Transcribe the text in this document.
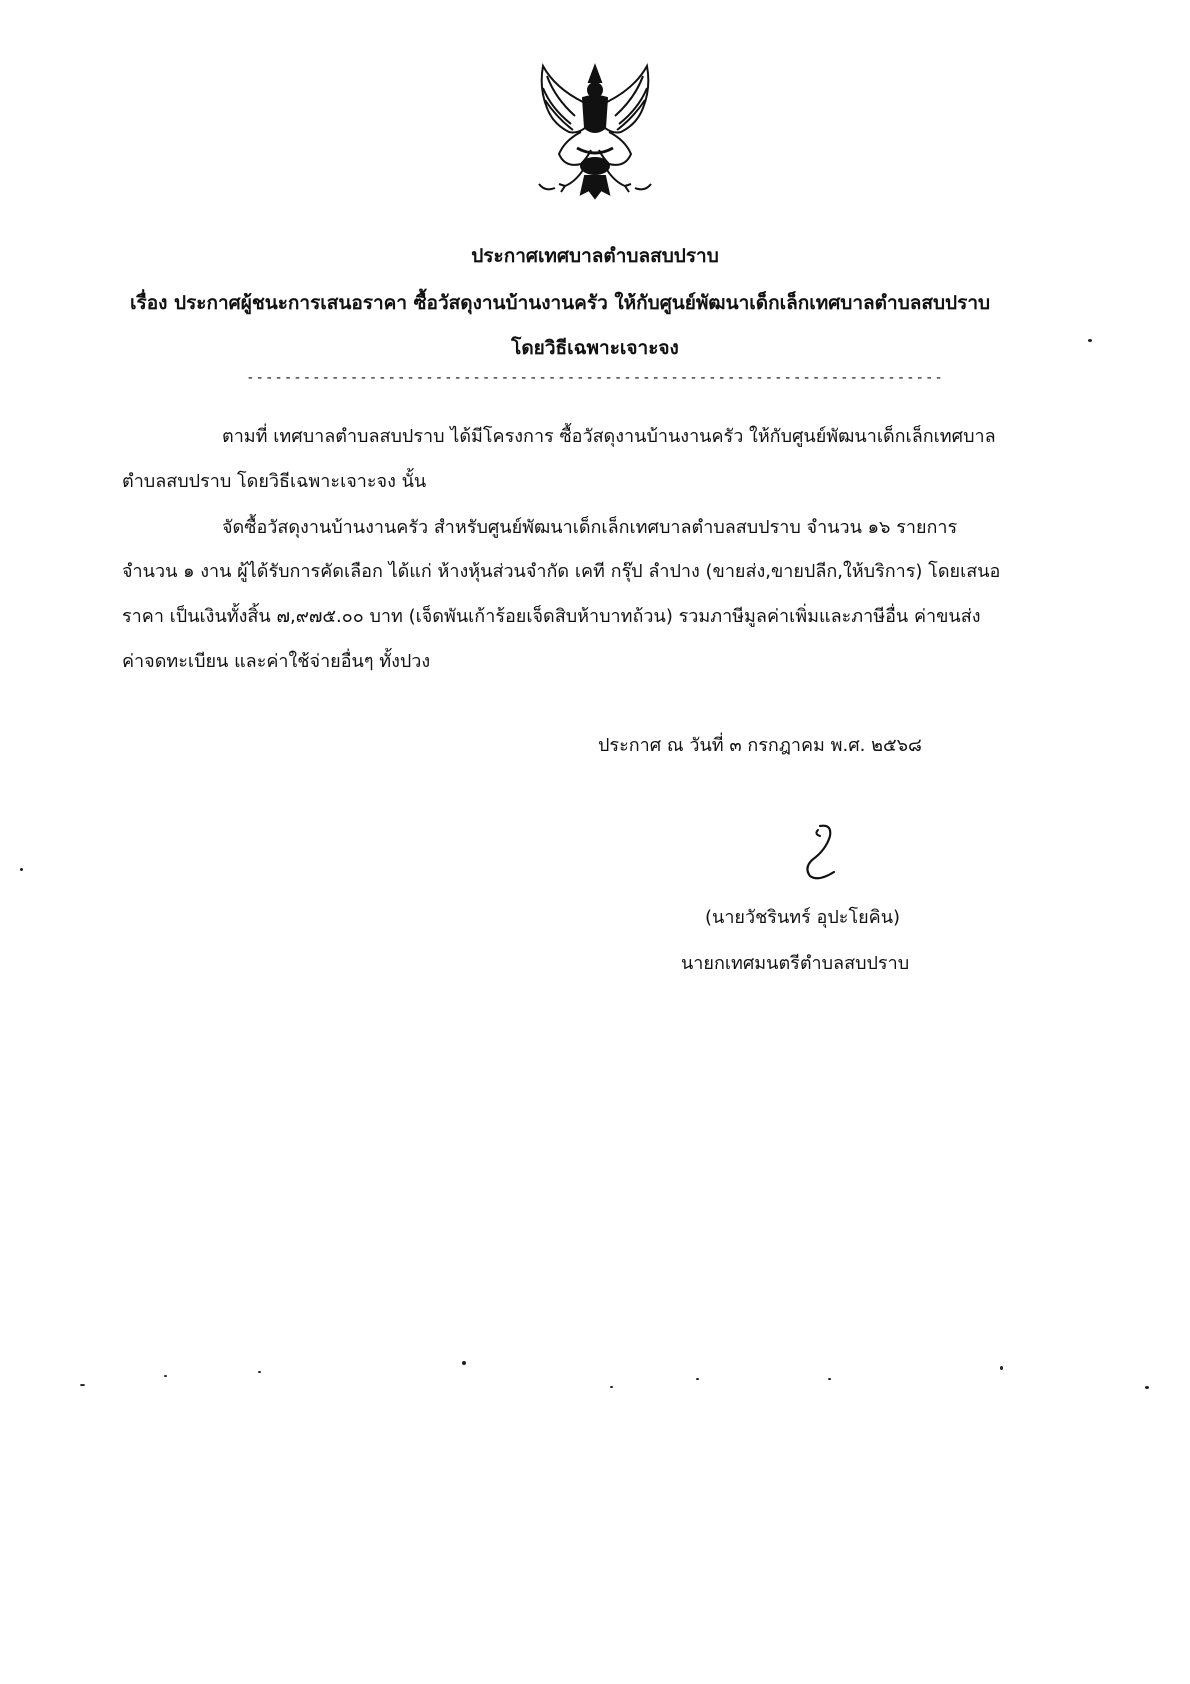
ประกาศเทศบาลตำบลสบปราบ
เรื่อง ประกาศผู้ชนะการเสนอราคา ซื้อวัสดุงานบ้านงานครัว ให้กับศูนย์พัฒนาเด็กเล็กเทศบาลตำบลสบปราบ
โดยวิธีเฉพาะเจาะจง
--------------------------------------------------------------------------
ตามที่ เทศบาลตำบลสบปราบ ได้มีโครงการ ซื้อวัสดุงานบ้านงานครัว ให้กับศูนย์พัฒนาเด็กเล็กเทศบาล
ตำบลสบปราบ โดยวิธีเฉพาะเจาะจง นั้น
จัดซื้อวัสดุงานบ้านงานครัว สำหรับศูนย์พัฒนาเด็กเล็กเทศบาลตำบลสบปราบ จำนวน ๑๖ รายการ
จำนวน ๑ งาน ผู้ได้รับการคัดเลือก ได้แก่ ห้างหุ้นส่วนจำกัด เคที กรุ๊ป ลำปาง (ขายส่ง,ขายปลีก,ให้บริการ) โดยเสนอ
ราคา เป็นเงินทั้งสิ้น ๗,๙๗๕.๐๐ บาท (เจ็ดพันเก้าร้อยเจ็ดสิบห้าบาทถ้วน) รวมภาษีมูลค่าเพิ่มและภาษีอื่น ค่าขนส่ง
ค่าจดทะเบียน และค่าใช้จ่ายอื่นๆ ทั้งปวง
ประกาศ ณ วันที่ ๓ กรกฎาคม พ.ศ. ๒๕๖๘
(นายวัชรินทร์ อุปะโยคิน)
นายกเทศมนตรีตำบลสบปราบ
